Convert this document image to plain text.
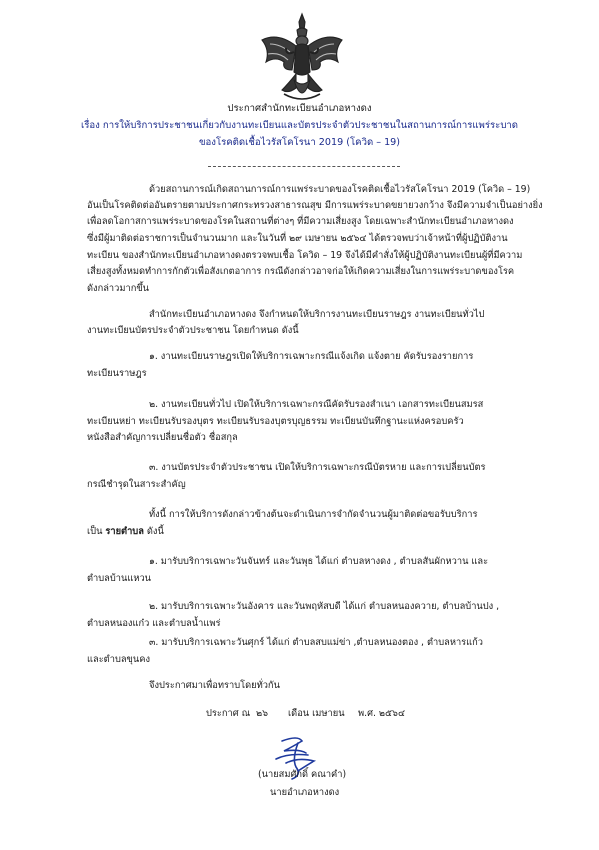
ประกาศสำนักทะเบียนอำเภอหางดง
เรื่อง การให้บริการประชาชนเกี่ยวกับงานทะเบียนและบัตรประจำตัวประชาชนในสถานการณ์การแพร่ระบาด
ของโรคติดเชื้อไวรัสโคโรนา 2019 (โควิด – 19)
ด้วยสถานการณ์เกิดสถานการณ์การแพร่ระบาดของโรคติดเชื้อไวรัสโคโรนา 2019 (โควิด – 19)
อันเป็นโรคติดต่ออันตรายตามประกาศกระทรวงสาธารณสุข มีการแพร่ระบาดขยายวงกว้าง จึงมีความจำเป็นอย่างยิ่ง
เพื่อลดโอกาสการแพร่ระบาดของโรคในสถานที่ต่างๆ ที่มีความเสี่ยงสูง โดยเฉพาะสำนักทะเบียนอำเภอหางดง
ซึ่งมีผู้มาติดต่อราชการเป็นจำนวนมาก และในวันที่ ๒๙ เมษายน ๒๕๖๔ ได้ตรวจพบว่าเจ้าหน้าที่ผู้ปฏิบัติงาน
ทะเบียน ของสำนักทะเบียนอำเภอหางดงตรวจพบเชื้อ โควิด – 19 จึงได้มีคำสั่งให้ผู้ปฏิบัติงานทะเบียนผู้ที่มีความ
เสี่ยงสูงทั้งหมดทำการกักตัวเพื่อสังเกตอาการ กรณีดังกล่าวอาจก่อให้เกิดความเสี่ยงในการแพร่ระบาดของโรค
ดังกล่าวมากขึ้น
สำนักทะเบียนอำเภอหางดง จึงกำหนดให้บริการงานทะเบียนราษฎร งานทะเบียนทั่วไป
งานทะเบียนบัตรประจำตัวประชาชน โดยกำหนด ดังนี้
๑. งานทะเบียนราษฎรเปิดให้บริการเฉพาะกรณีแจ้งเกิด แจ้งตาย คัดรับรองรายการ
ทะเบียนราษฎร
๒. งานทะเบียนทั่วไป เปิดให้บริการเฉพาะกรณีคัดรับรองสำเนา เอกสารทะเบียนสมรส
ทะเบียนหย่า ทะเบียนรับรองบุตร ทะเบียนรับรองบุตรบุญธรรม ทะเบียนบันทึกฐานะแห่งครอบครัว
หนังสือสำคัญการเปลี่ยนชื่อตัว ชื่อสกุล
๓. งานบัตรประจำตัวประชาชน เปิดให้บริการเฉพาะกรณีบัตรหาย และการเปลี่ยนบัตร
กรณีชำรุดในสาระสำคัญ
ทั้งนี้ การให้บริการดังกล่าวข้างต้นจะดำเนินการจำกัดจำนวนผู้มาติดต่อขอรับบริการ
เป็น รายตำบล ดังนี้
๑. มารับบริการเฉพาะวันจันทร์ และวันพุธ ได้แก่ ตำบลหางดง , ตำบลสันผักหวาน และ
ตำบลบ้านแหวน
๒. มารับบริการเฉพาะวันอังคาร และวันพฤหัสบดี ได้แก่ ตำบลหนองควาย, ตำบลบ้านปง ,
ตำบลหนองแก๋ว และตำบลน้ำแพร่
๓. มารับบริการเฉพาะวันศุกร์ ได้แก่ ตำบลสบแม่ข่า ,ตำบลหนองตอง , ตำบลหารแก้ว
และตำบลขุนคง
จึงประกาศมาเพื่อทราบโดยทั่วกัน
ประกาศ ณ ๒๖ เดือน เมษายน พ.ศ. ๒๕๖๔
(นายสมศักดิ์ คณาคำ)
นายอำเภอหางดง
